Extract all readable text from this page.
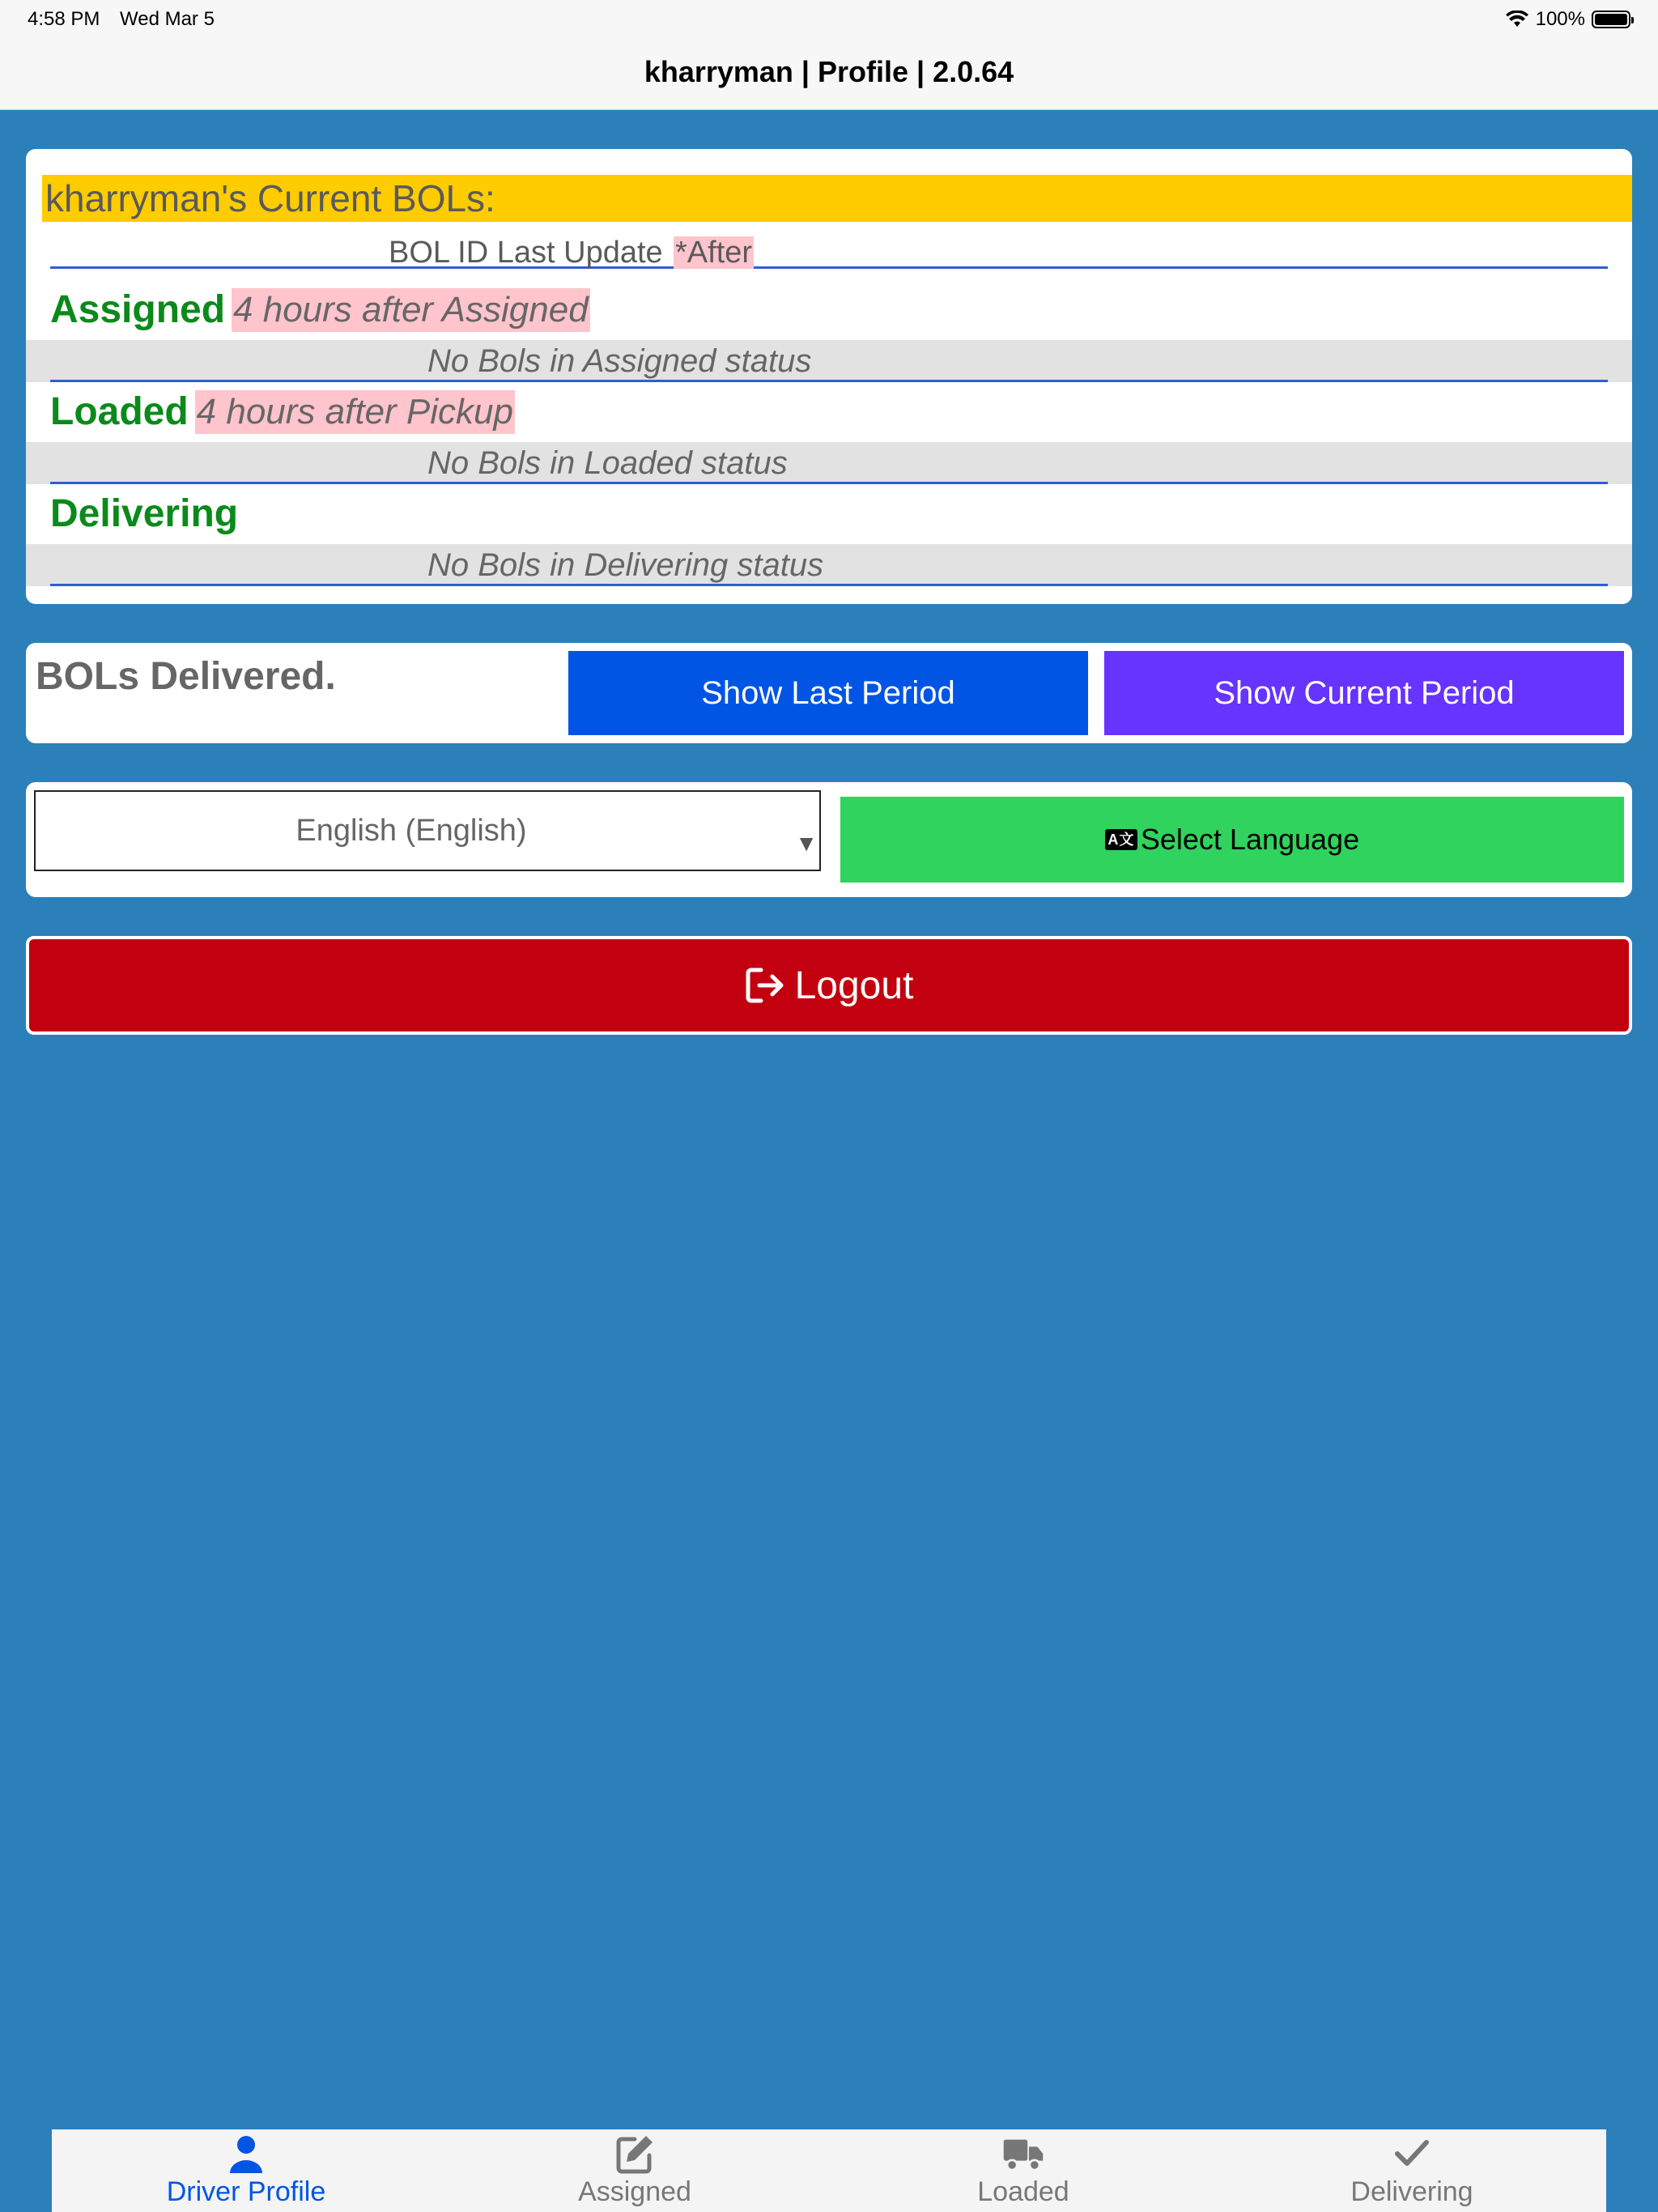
4:58 PM Wed Mar 5	100%
kharryman | Profile | 2.0.64
kharryman's Current BOLs:
BOL ID Last Update *After
Assigned 4 hours after Assigned
No Bols in Assigned status
Loaded 4 hours after Pickup
No Bols in Loaded status
Delivering
No Bols in Delivering status
BOLs Delivered.	Show Last Period	Show Current Period
English (English)	▼	A文 Select Language
Logout
Driver Profile	Assigned	Loaded	Delivering
